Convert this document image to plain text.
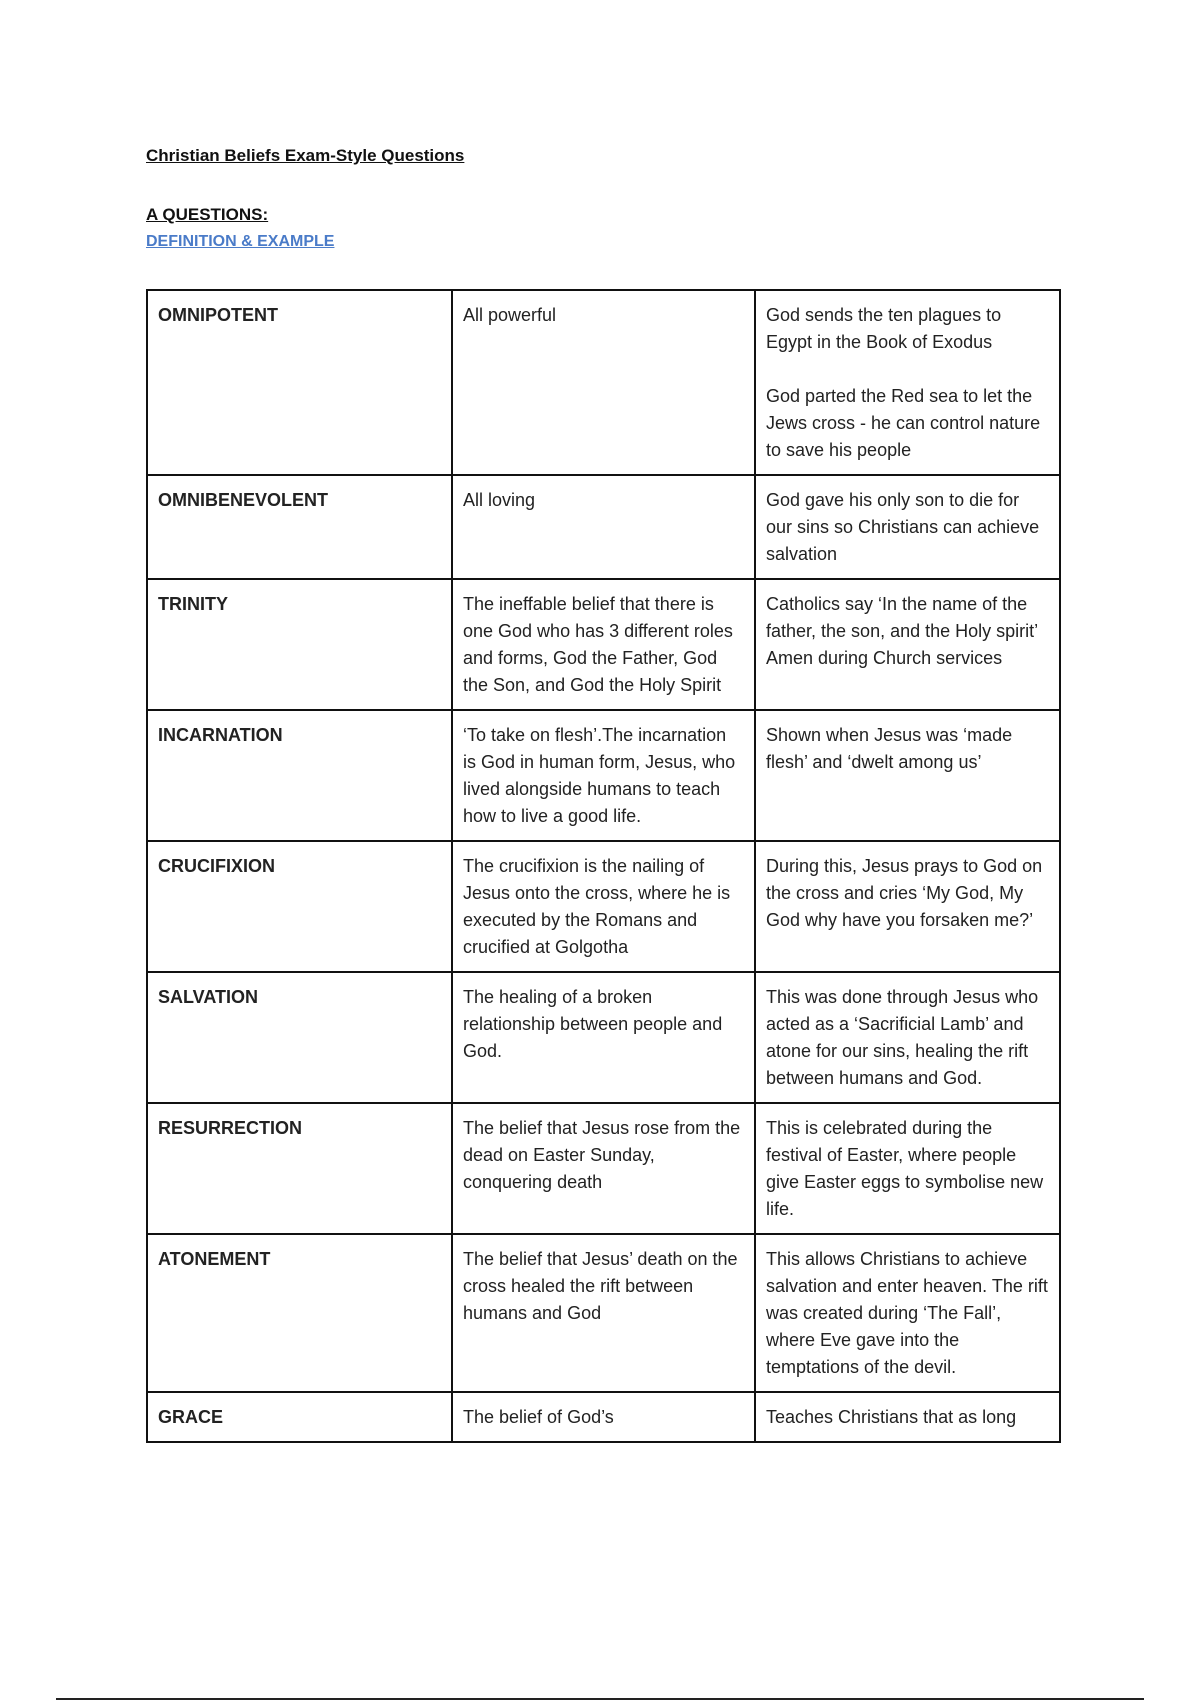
Christian Beliefs Exam-Style Questions
A QUESTIONS:
DEFINITION & EXAMPLE
OMNIPOTENT	All powerful	God sends the ten plagues to Egypt in the Book of Exodus
God parted the Red sea to let the Jews cross - he can control nature to save his people

OMNIBENEVOLENT	All loving	God gave his only son to die for our sins so Christians can achieve salvation

TRINITY	The ineffable belief that there is one God who has 3 different roles and forms, God the Father, God the Son, and God the Holy Spirit	Catholics say ‘In the name of the father, the son, and the Holy spirit’ Amen during Church services

INCARNATION	‘To take on flesh’.The incarnation is God in human form, Jesus, who lived alongside humans to teach how to live a good life.	Shown when Jesus was ‘made flesh’ and ‘dwelt among us’

CRUCIFIXION	The crucifixion is the nailing of Jesus onto the cross, where he is executed by the Romans and crucified at Golgotha	During this, Jesus prays to God on the cross and cries ‘My God, My God why have you forsaken me?’

SALVATION	The healing of a broken relationship between people and God.	This was done through Jesus who acted as a ‘Sacrificial Lamb’ and atone for our sins, healing the rift between humans and God.

RESURRECTION	The belief that Jesus rose from the dead on Easter Sunday, conquering death	This is celebrated during the festival of Easter, where people give Easter eggs to symbolise new life.

ATONEMENT	The belief that Jesus’ death on the cross healed the rift between humans and God	This allows Christians to achieve salvation and enter heaven. The rift was created during ‘The Fall’, where Eve gave into the temptations of the devil.

GRACE	The belief of God’s	Teaches Christians that as long
